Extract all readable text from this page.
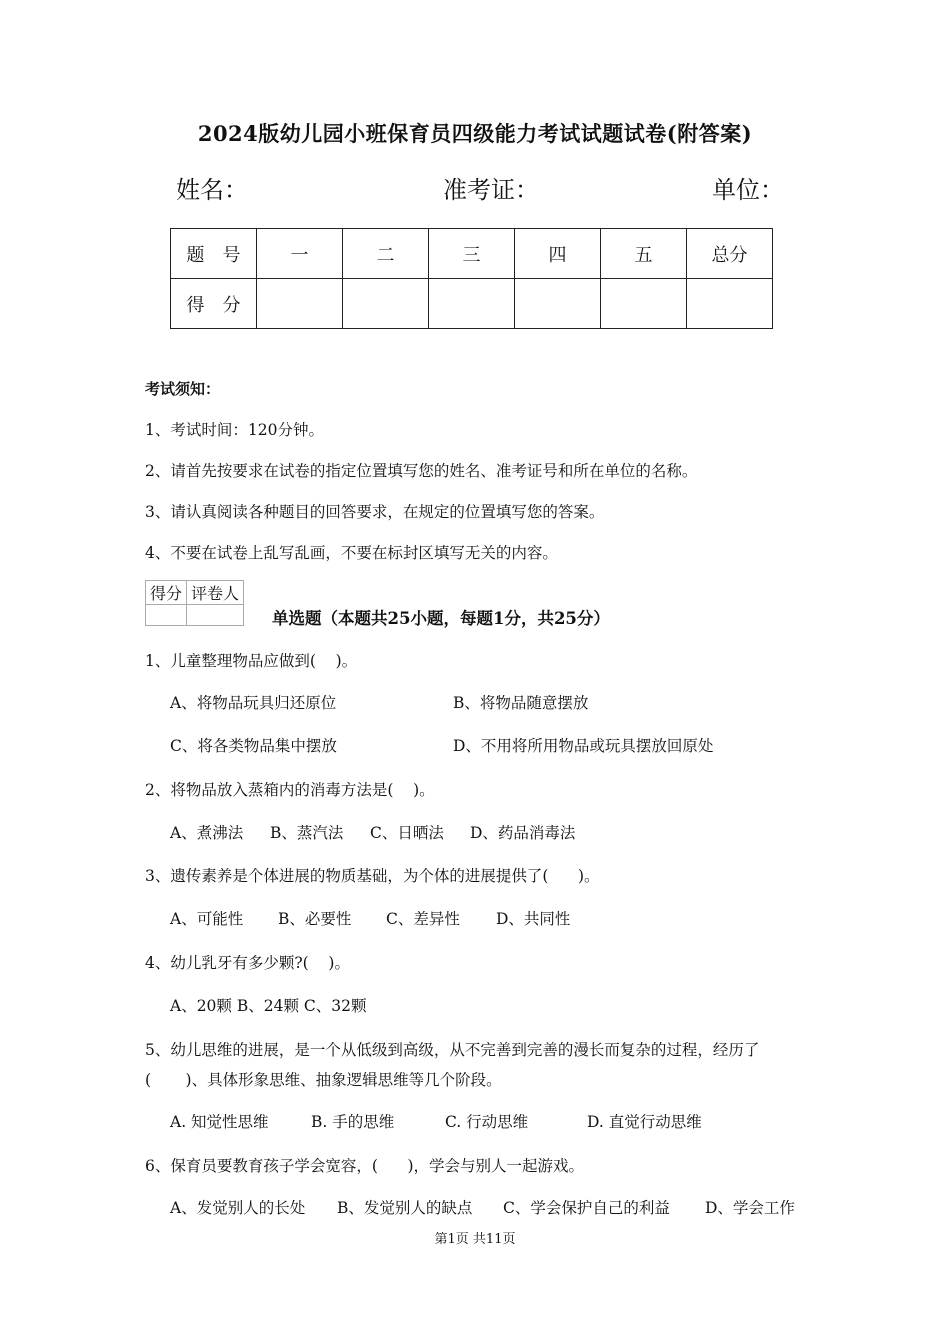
2024版幼儿园小班保育员四级能力考试试题试卷(附答案)
姓名：	准考证：	单位：
题　号	一	二	三	四	五	总分
得　分						
考试须知：
1、考试时间：120分钟。
2、请首先按要求在试卷的指定位置填写您的姓名、准考证号和所在单位的名称。
3、请认真阅读各种题目的回答要求，在规定的位置填写您的答案。
4、不要在试卷上乱写乱画，不要在标封区填写无关的内容。
得分	评卷人

单选题（本题共25小题，每题1分，共25分）
1、儿童整理物品应做到(    )。
A、将物品玩具归还原位	B、将物品随意摆放
C、将各类物品集中摆放	D、不用将所用物品或玩具摆放回原处
2、将物品放入蒸箱内的消毒方法是(    )。
A、煮沸法 B、蒸汽法 C、日晒法 D、药品消毒法
3、遗传素养是个体进展的物质基础，为个体的进展提供了(      )。
A、可能性 B、必要性 C、差异性 D、共同性
4、幼儿乳牙有多少颗?(    )。
A、20颗 B、24颗 C、32颗
5、幼儿思维的进展，是一个从低级到高级，从不完善到完善的漫长而复杂的过程，经历了
(       )、具体形象思维、抽象逻辑思维等几个阶段。
A. 知觉性思维	B. 手的思维	C. 行动思维	D. 直觉行动思维
6、保育员要教育孩子学会宽容，(      )，学会与别人一起游戏。
A、发觉别人的长处 B、发觉别人的缺点 C、学会保护自己的利益 D、学会工作
第1页 共11页
